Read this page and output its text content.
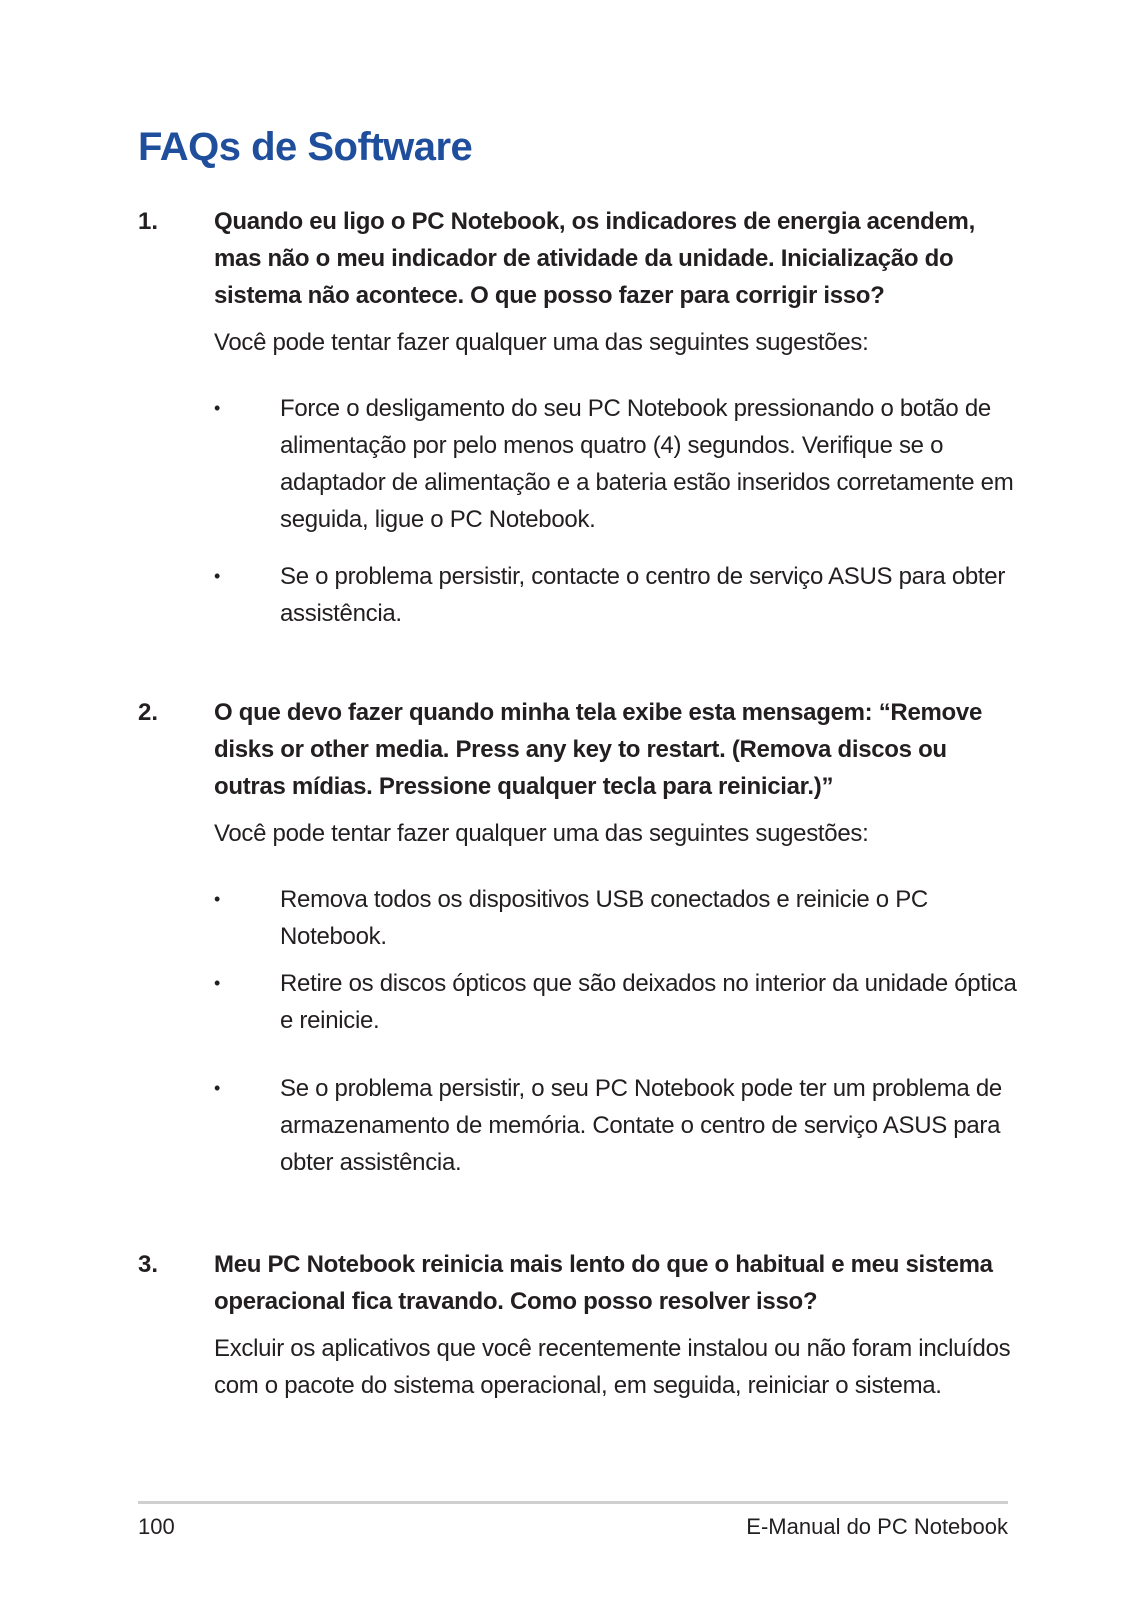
FAQs de Software
1. Quando eu ligo o PC Notebook, os indicadores de energia acendem, mas não o meu indicador de atividade da unidade. Inicialização do sistema não acontece. O que posso fazer para corrigir isso?

Você pode tentar fazer qualquer uma das seguintes sugestões:

• Force o desligamento do seu PC Notebook pressionando o botão de alimentação por pelo menos quatro (4) segundos. Verifique se o adaptador de alimentação e a bateria estão inseridos corretamente em seguida, ligue o PC Notebook.
• Se o problema persistir, contacte o centro de serviço ASUS para obter assistência.
2. O que devo fazer quando minha tela exibe esta mensagem: “Remove disks or other media. Press any key to restart. (Remova discos ou outras mídias. Pressione qualquer tecla para reiniciar.)”

Você pode tentar fazer qualquer uma das seguintes sugestões:

• Remova todos os dispositivos USB conectados e reinicie o PC Notebook.
• Retire os discos ópticos que são deixados no interior da unidade óptica e reinicie.
• Se o problema persistir, o seu PC Notebook pode ter um problema de armazenamento de memória. Contate o centro de serviço ASUS para obter assistência.
3. Meu PC Notebook reinicia mais lento do que o habitual e meu sistema operacional fica travando. Como posso resolver isso?

Excluir os aplicativos que você recentemente instalou ou não foram incluídos com o pacote do sistema operacional, em seguida, reiniciar o sistema.

100	E-Manual do PC Notebook
